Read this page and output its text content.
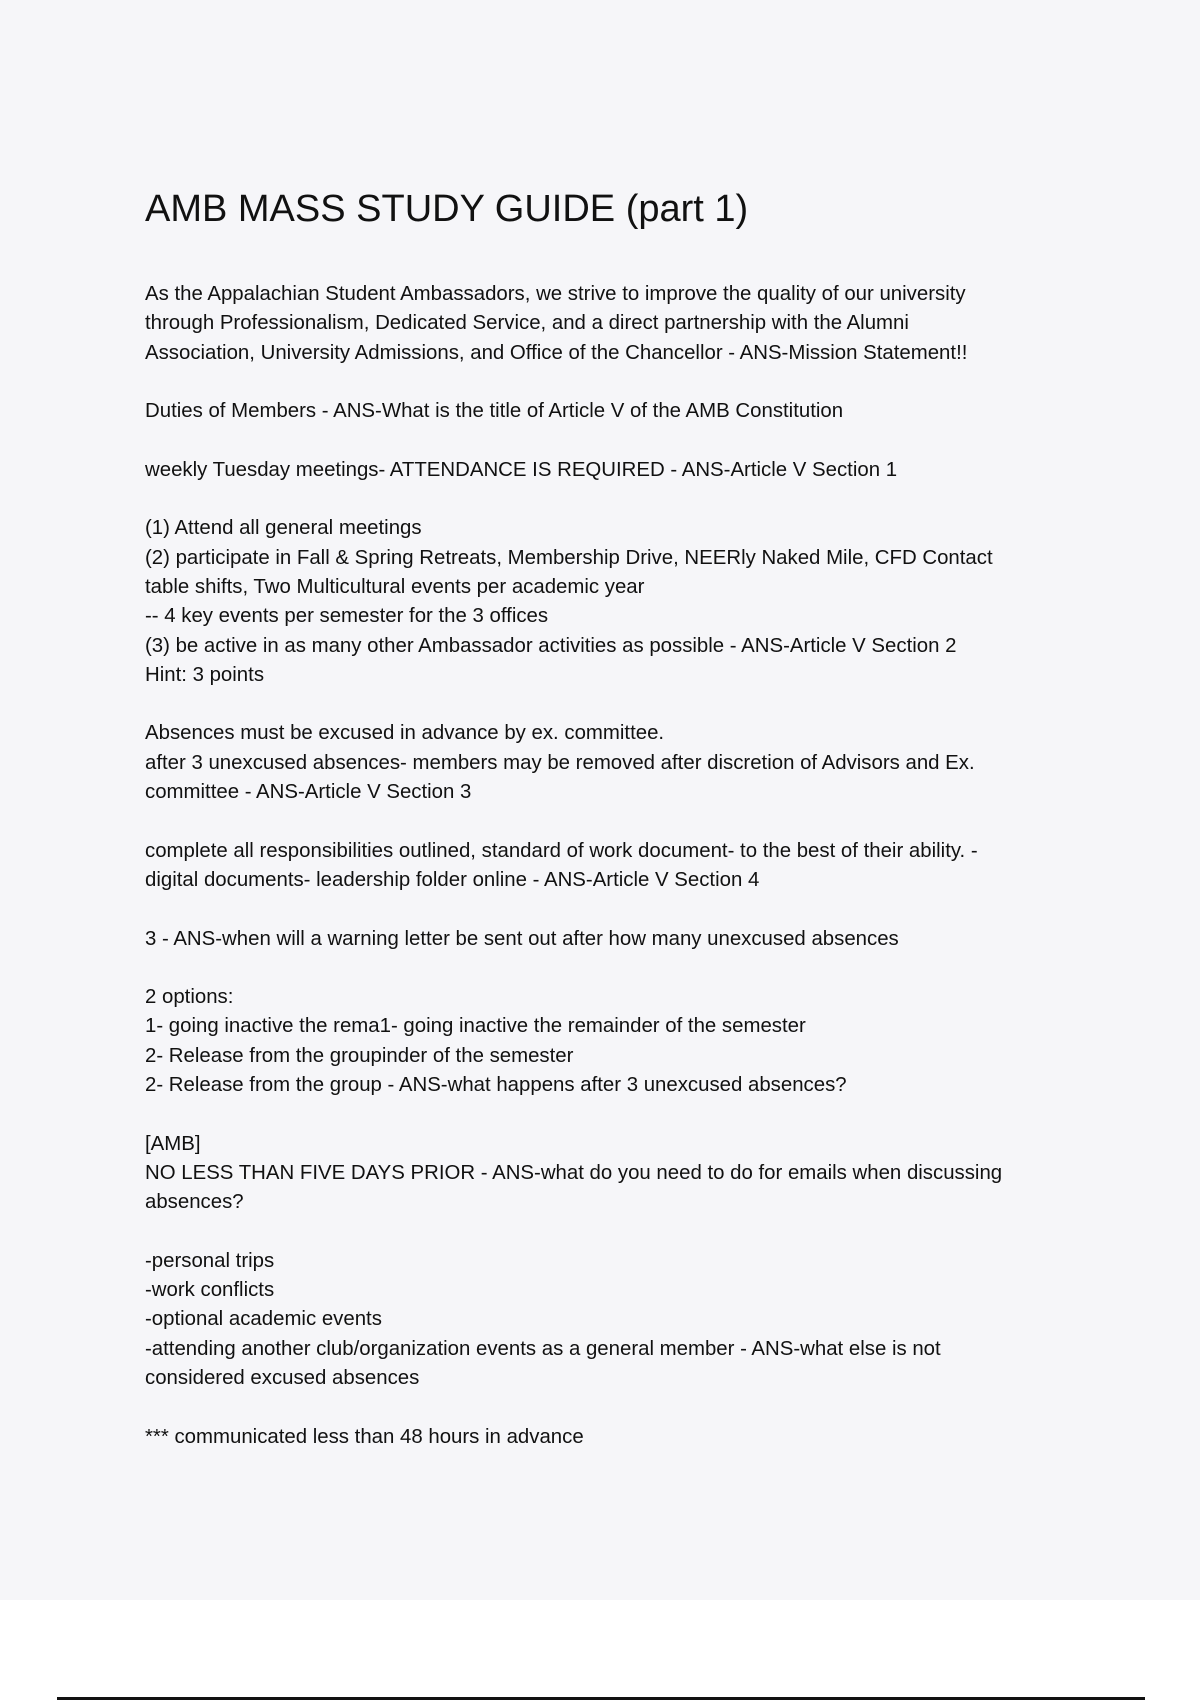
AMB MASS STUDY GUIDE (part 1)
As the Appalachian Student Ambassadors, we strive to improve the quality of our university
through Professionalism, Dedicated Service, and a direct partnership with the Alumni
Association, University Admissions, and Office of the Chancellor - ANS-Mission Statement!!
Duties of Members - ANS-What is the title of Article V of the AMB Constitution
weekly Tuesday meetings- ATTENDANCE IS REQUIRED - ANS-Article V Section 1
(1) Attend all general meetings
(2) participate in Fall & Spring Retreats, Membership Drive, NEERly Naked Mile, CFD Contact
table shifts, Two Multicultural events per academic year
-- 4 key events per semester for the 3 offices
(3) be active in as many other Ambassador activities as possible - ANS-Article V Section 2
Hint: 3 points
Absences must be excused in advance by ex. committee.
after 3 unexcused absences- members may be removed after discretion of Advisors and Ex.
committee - ANS-Article V Section 3
complete all responsibilities outlined, standard of work document- to the best of their ability. -
digital documents- leadership folder online - ANS-Article V Section 4
3 - ANS-when will a warning letter be sent out after how many unexcused absences
2 options:
1- going inactive the rema1- going inactive the remainder of the semester
2- Release from the groupinder of the semester
2- Release from the group - ANS-what happens after 3 unexcused absences?
[AMB]
NO LESS THAN FIVE DAYS PRIOR - ANS-what do you need to do for emails when discussing
absences?
-personal trips
-work conflicts
-optional academic events
-attending another club/organization events as a general member - ANS-what else is not
considered excused absences
*** communicated less than 48 hours in advance
